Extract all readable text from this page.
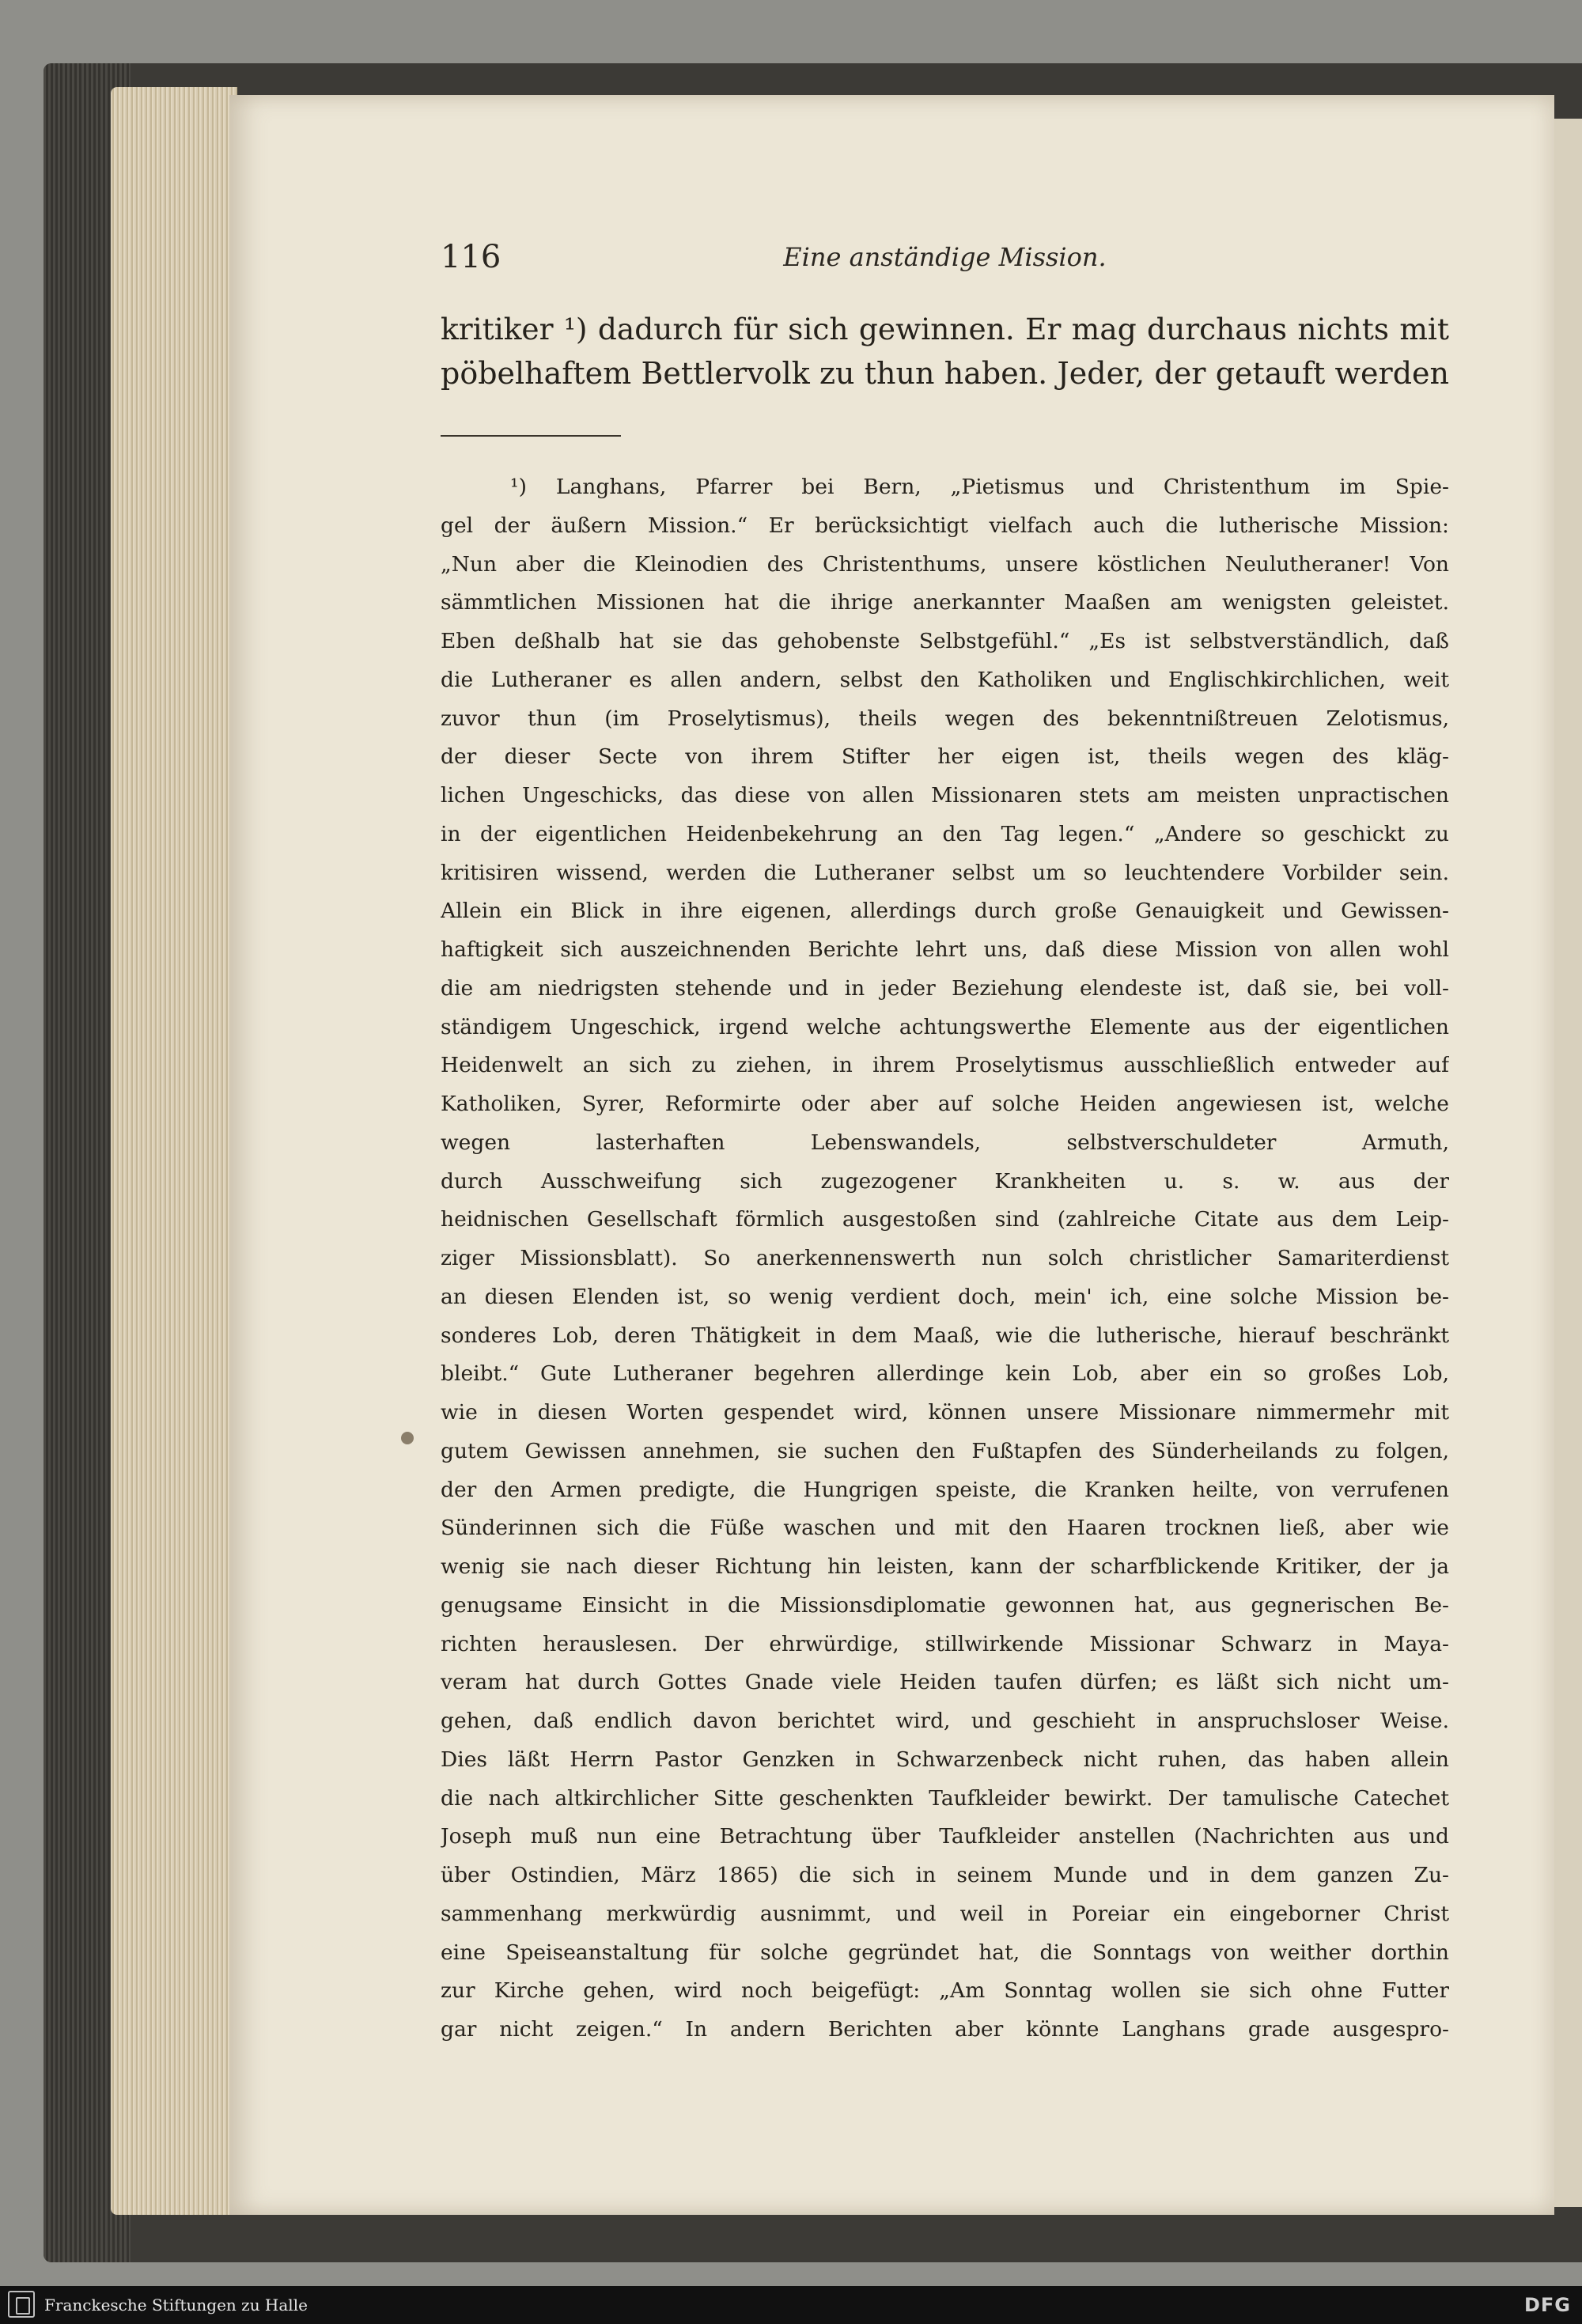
116	Eine anständige Mission.
kritiker ¹) dadurch für sich gewinnen. Er mag durchaus nichts mit
pöbelhaftem Bettlervolk zu thun haben. Jeder, der getauft werden
¹) Langhans, Pfarrer bei Bern, „Pietismus und Christenthum im Spie-
gel der äußern Mission.“ Er berücksichtigt vielfach auch die lutherische Mission:
„Nun aber die Kleinodien des Christenthums, unsere köstlichen Neulutheraner! Von
sämmtlichen Missionen hat die ihrige anerkannter Maaßen am wenigsten geleistet.
Eben deßhalb hat sie das gehobenste Selbstgefühl.“ „Es ist selbstverständlich, daß
die Lutheraner es allen andern, selbst den Katholiken und Englischkirchlichen, weit
zuvor thun (im Proselytismus), theils wegen des bekenntnißtreuen Zelotismus,
der dieser Secte von ihrem Stifter her eigen ist, theils wegen des kläg-
lichen Ungeschicks, das diese von allen Missionaren stets am meisten unpractischen
in der eigentlichen Heidenbekehrung an den Tag legen.“ „Andere so geschickt zu
kritisiren wissend, werden die Lutheraner selbst um so leuchtendere Vorbilder sein.
Allein ein Blick in ihre eigenen, allerdings durch große Genauigkeit und Gewissen-
haftigkeit sich auszeichnenden Berichte lehrt uns, daß diese Mission von allen wohl
die am niedrigsten stehende und in jeder Beziehung elendeste ist, daß sie, bei voll-
ständigem Ungeschick, irgend welche achtungswerthe Elemente aus der eigentlichen
Heidenwelt an sich zu ziehen, in ihrem Proselytismus ausschließlich entweder auf
Katholiken, Syrer, Reformirte oder aber auf solche Heiden angewiesen ist, welche
wegen lasterhaften Lebenswandels, selbstverschuldeter Armuth,
durch Ausschweifung sich zugezogener Krankheiten u. s. w. aus der
heidnischen Gesellschaft förmlich ausgestoßen sind (zahlreiche Citate aus dem Leip-
ziger Missionsblatt). So anerkennenswerth nun solch christlicher Samariterdienst
an diesen Elenden ist, so wenig verdient doch, mein' ich, eine solche Mission be-
sonderes Lob, deren Thätigkeit in dem Maaß, wie die lutherische, hierauf beschränkt
bleibt.“ Gute Lutheraner begehren allerdinge kein Lob, aber ein so großes Lob,
wie in diesen Worten gespendet wird, können unsere Missionare nimmermehr mit
gutem Gewissen annehmen, sie suchen den Fußtapfen des Sünderheilands zu folgen,
der den Armen predigte, die Hungrigen speiste, die Kranken heilte, von verrufenen
Sünderinnen sich die Füße waschen und mit den Haaren trocknen ließ, aber wie
wenig sie nach dieser Richtung hin leisten, kann der scharfblickende Kritiker, der ja
genugsame Einsicht in die Missionsdiplomatie gewonnen hat, aus gegnerischen Be-
richten herauslesen. Der ehrwürdige, stillwirkende Missionar Schwarz in Maya-
veram hat durch Gottes Gnade viele Heiden taufen dürfen; es läßt sich nicht um-
gehen, daß endlich davon berichtet wird, und geschieht in anspruchsloser Weise.
Dies läßt Herrn Pastor Genzken in Schwarzenbeck nicht ruhen, das haben allein
die nach altkirchlicher Sitte geschenkten Taufkleider bewirkt. Der tamulische Catechet
Joseph muß nun eine Betrachtung über Taufkleider anstellen (Nachrichten aus und
über Ostindien, März 1865) die sich in seinem Munde und in dem ganzen Zu-
sammenhang merkwürdig ausnimmt, und weil in Poreiar ein eingeborner Christ
eine Speiseanstaltung für solche gegründet hat, die Sonntags von weither dorthin
zur Kirche gehen, wird noch beigefügt: „Am Sonntag wollen sie sich ohne Futter
gar nicht zeigen.“ In andern Berichten aber könnte Langhans grade ausgespro-
Franckesche Stiftungen zu Halle	DFG
